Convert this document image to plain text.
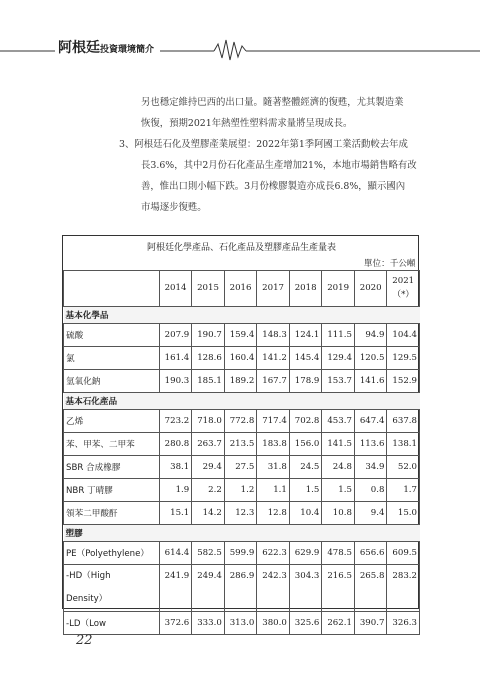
阿根廷投資環境簡介
另也穩定維持巴西的出口量。隨著整體經濟的復甦，尤其製造業
恢復，預期2021年熱塑性塑料需求量將呈現成長。
3、阿根廷石化及塑膠產業展望：2022年第1季阿國工業活動較去年成
長3.6%，其中2月份石化產品生產增加21%，本地市場銷售略有改
善，惟出口則小幅下跌。3月份橡膠製造亦成長6.8%，顯示國內
市場逐步復甦。
阿根廷化學產品、石化產品及塑膠產品生產量表								
單位：千公噸								
	2014	2015	2016	2017	2018	2019	2020	2021
（*）

基本化學品								

硫酸	207.9	190.7	159.4	148.3	124.1	111.5	94.9	104.4

氯	161.4	128.6	160.4	141.2	145.4	129.4	120.5	129.5

氫氧化鈉	190.3	185.1	189.2	167.7	178.9	153.7	141.6	152.9
基本石化產品								

乙烯	723.2	718.0	772.8	717.4	702.8	453.7	647.4	637.8

苯、甲苯、二甲苯	280.8	263.7	213.5	183.8	156.0	141.5	113.6	138.1

SBR 合成橡膠	38.1	29.4	27.5	31.8	24.5	24.8	34.9	52.0

NBR 丁晴膠	1.9	2.2	1.2	1.1	1.5	1.5	0.8	1.7

領苯二甲酸酐	15.1	14.2	12.3	12.8	10.4	10.8	9.4	15.0
塑膠								

PE（Polyethylene）	614.4	582.5	599.9	622.3	629.9	478.5	656.6	609.5

-HD（High
Density）	241.9	249.4	286.9	242.3	304.3	216.5	265.8	283.2

-LD（Low	372.6	333.0	313.0	380.0	325.6	262.1	390.7	326.3
22
